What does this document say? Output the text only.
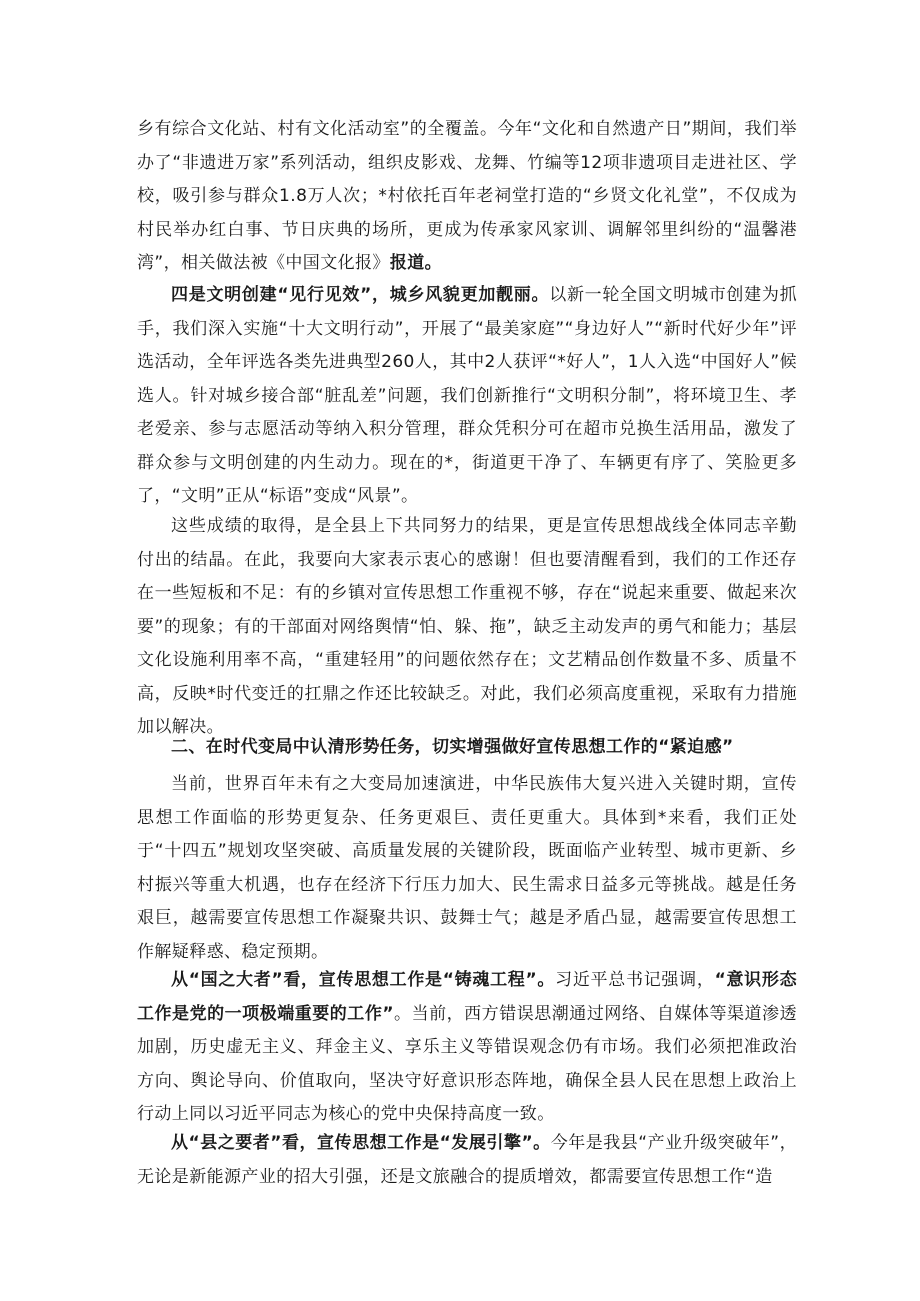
乡有综合文化站、村有文化活动室”的全覆盖。今年“文化和自然遗产日”期间，我们举办了“非遗进万家”系列活动，组织皮影戏、龙舞、竹编等12项非遗项目走进社区、学校，吸引参与群众1.8万人次；*村依托百年老祠堂打造的“乡贤文化礼堂”，不仅成为村民举办红白事、节日庆典的场所，更成为传承家风家训、调解邻里纠纷的“温馨港湾”，相关做法被《中国文化报》报道。

四是文明创建“见行见效”，城乡风貌更加靓丽。以新一轮全国文明城市创建为抓手，我们深入实施“十大文明行动”，开展了“最美家庭”“身边好人”“新时代好少年”评选活动，全年评选各类先进典型260人，其中2人获评“*好人”，1人入选“中国好人”候选人。针对城乡接合部“脏乱差”问题，我们创新推行“文明积分制”，将环境卫生、孝老爱亲、参与志愿活动等纳入积分管理，群众凭积分可在超市兑换生活用品，激发了群众参与文明创建的内生动力。现在的*，街道更干净了、车辆更有序了、笑脸更多了，“文明”正从“标语”变成“风景”。

这些成绩的取得，是全县上下共同努力的结果，更是宣传思想战线全体同志辛勤付出的结晶。在此，我要向大家表示衷心的感谢！但也要清醒看到，我们的工作还存在一些短板和不足：有的乡镇对宣传思想工作重视不够，存在“说起来重要、做起来次要”的现象；有的干部面对网络舆情“怕、躲、拖”，缺乏主动发声的勇气和能力；基层文化设施利用率不高，“重建轻用”的问题依然存在；文艺精品创作数量不多、质量不高，反映*时代变迁的扛鼎之作还比较缺乏。对此，我们必须高度重视，采取有力措施加以解决。

二、在时代变局中认清形势任务，切实增强做好宣传思想工作的“紧迫感”

当前，世界百年未有之大变局加速演进，中华民族伟大复兴进入关键时期，宣传思想工作面临的形势更复杂、任务更艰巨、责任更重大。具体到*来看，我们正处于“十四五”规划攻坚突破、高质量发展的关键阶段，既面临产业转型、城市更新、乡村振兴等重大机遇，也存在经济下行压力加大、民生需求日益多元等挑战。越是任务艰巨，越需要宣传思想工作凝聚共识、鼓舞士气；越是矛盾凸显，越需要宣传思想工作解疑释惑、稳定预期。

从“国之大者”看，宣传思想工作是“铸魂工程”。习近平总书记强调，“意识形态工作是党的一项极端重要的工作”。当前，西方错误思潮通过网络、自媒体等渠道渗透加剧，历史虚无主义、拜金主义、享乐主义等错误观念仍有市场。我们必须把准政治方向、舆论导向、价值取向，坚决守好意识形态阵地，确保全县人民在思想上政治上行动上同以习近平同志为核心的党中央保持高度一致。

从“县之要者”看，宣传思想工作是“发展引擎”。今年是我县“产业升级突破年”，无论是新能源产业的招大引强，还是文旅融合的提质增效，都需要宣传思想工作“造
